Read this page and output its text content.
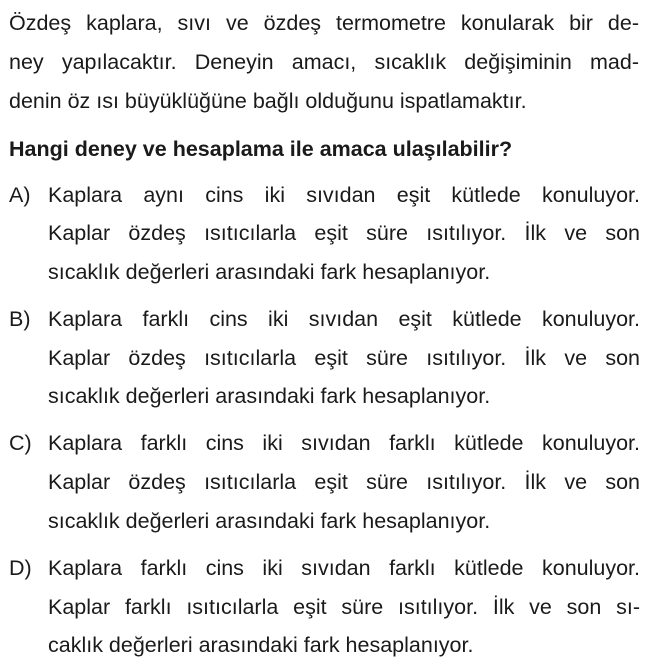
Özdeş kaplara, sıvı ve özdeş termometre konularak bir de-
ney yapılacaktır. Deneyin amacı, sıcaklık değişiminin mad-
denin öz ısı büyüklüğüne bağlı olduğunu ispatlamaktır.
Hangi deney ve hesaplama ile amaca ulaşılabilir?
A) Kaplara aynı cins iki sıvıdan eşit kütlede konuluyor.
Kaplar özdeş ısıtıcılarla eşit süre ısıtılıyor. İlk ve son
sıcaklık değerleri arasındaki fark hesaplanıyor.
B) Kaplara farklı cins iki sıvıdan eşit kütlede konuluyor.
Kaplar özdeş ısıtıcılarla eşit süre ısıtılıyor. İlk ve son
sıcaklık değerleri arasındaki fark hesaplanıyor.
C) Kaplara farklı cins iki sıvıdan farklı kütlede konuluyor.
Kaplar özdeş ısıtıcılarla eşit süre ısıtılıyor. İlk ve son
sıcaklık değerleri arasındaki fark hesaplanıyor.
D) Kaplara farklı cins iki sıvıdan farklı kütlede konuluyor.
Kaplar farklı ısıtıcılarla eşit süre ısıtılıyor. İlk ve son sı-
caklık değerleri arasındaki fark hesaplanıyor.
